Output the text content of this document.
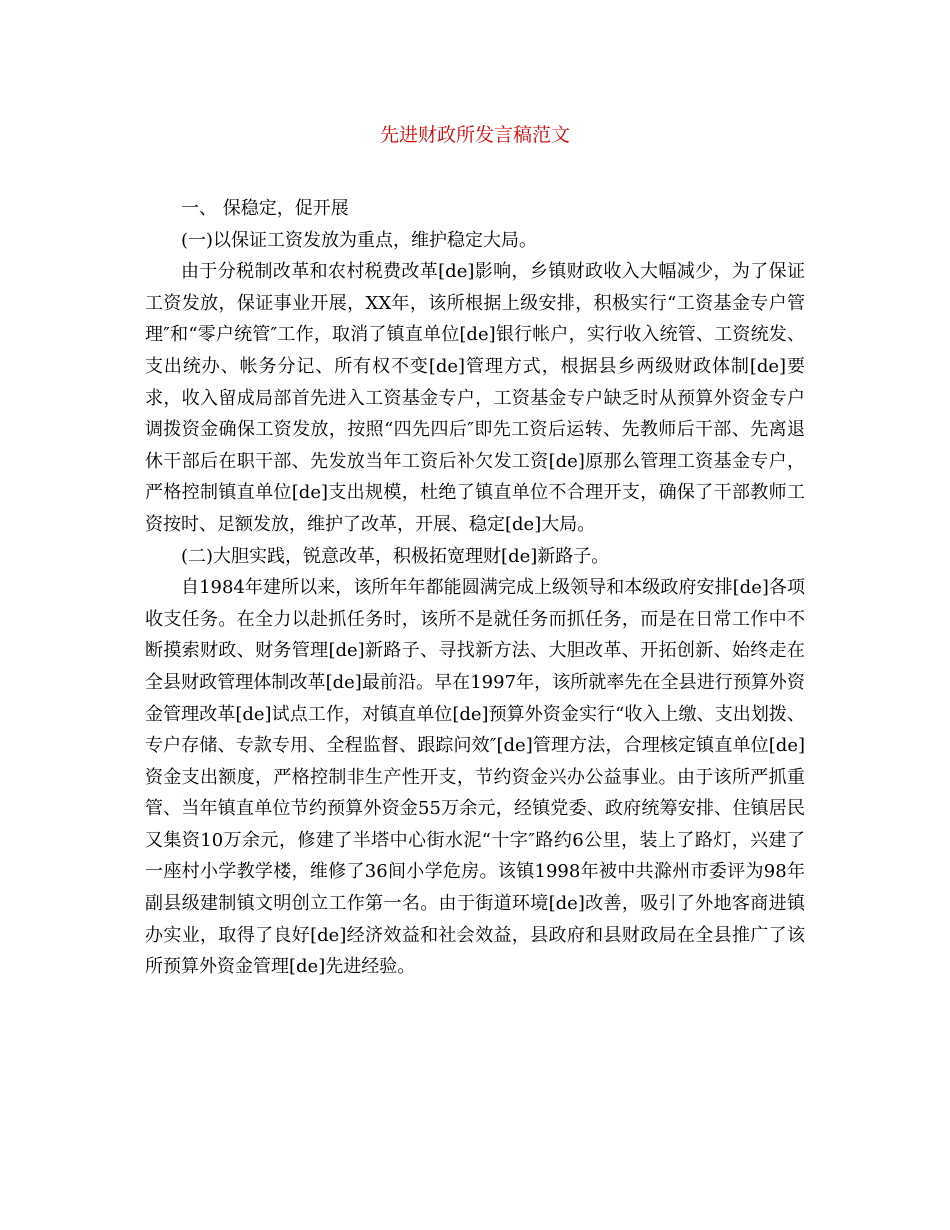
先进财政所发言稿范文

一、 保稳定，促开展

(一)以保证工资发放为重点，维护稳定大局。

由于分税制改革和农村税费改革[de]影响，乡镇财政收入大幅减少，为了保证工资发放，保证事业开展，XX年，该所根据上级安排，积极实行“工资基金专户管理″和“零户统管″工作，取消了镇直单位[de]银行帐户，实行收入统管、工资统发、支出统办、帐务分记、所有权不变[de]管理方式，根据县乡两级财政体制[de]要求，收入留成局部首先进入工资基金专户，工资基金专户缺乏时从预算外资金专户调拨资金确保工资发放，按照“四先四后″即先工资后运转、先教师后干部、先离退休干部后在职干部、先发放当年工资后补欠发工资[de]原那么管理工资基金专户，严格控制镇直单位[de]支出规模，杜绝了镇直单位不合理开支，确保了干部教师工资按时、足额发放，维护了改革，开展、稳定[de]大局。

(二)大胆实践，锐意改革，积极拓宽理财[de]新路子。

自1984年建所以来，该所年年都能圆满完成上级领导和本级政府安排[de]各项收支任务。在全力以赴抓任务时，该所不是就任务而抓任务，而是在日常工作中不断摸索财政、财务管理[de]新路子、寻找新方法、大胆改革、开拓创新、始终走在全县财政管理体制改革[de]最前沿。早在1997年，该所就率先在全县进行预算外资金管理改革[de]试点工作，对镇直单位[de]预算外资金实行“收入上缴、支出划拨、专户存储、专款专用、全程监督、跟踪问效″[de]管理方法，合理核定镇直单位[de]资金支出额度，严格控制非生产性开支，节约资金兴办公益事业。由于该所严抓重管、当年镇直单位节约预算外资金55万余元，经镇党委、政府统筹安排、住镇居民又集资10万余元，修建了半塔中心街水泥“十字″路约6公里，装上了路灯，兴建了一座村小学教学楼，维修了36间小学危房。该镇1998年被中共滁州市委评为98年副县级建制镇文明创立工作第一名。由于街道环境[de]改善，吸引了外地客商进镇办实业，取得了良好[de]经济效益和社会效益，县政府和县财政局在全县推广了该所预算外资金管理[de]先进经验。
